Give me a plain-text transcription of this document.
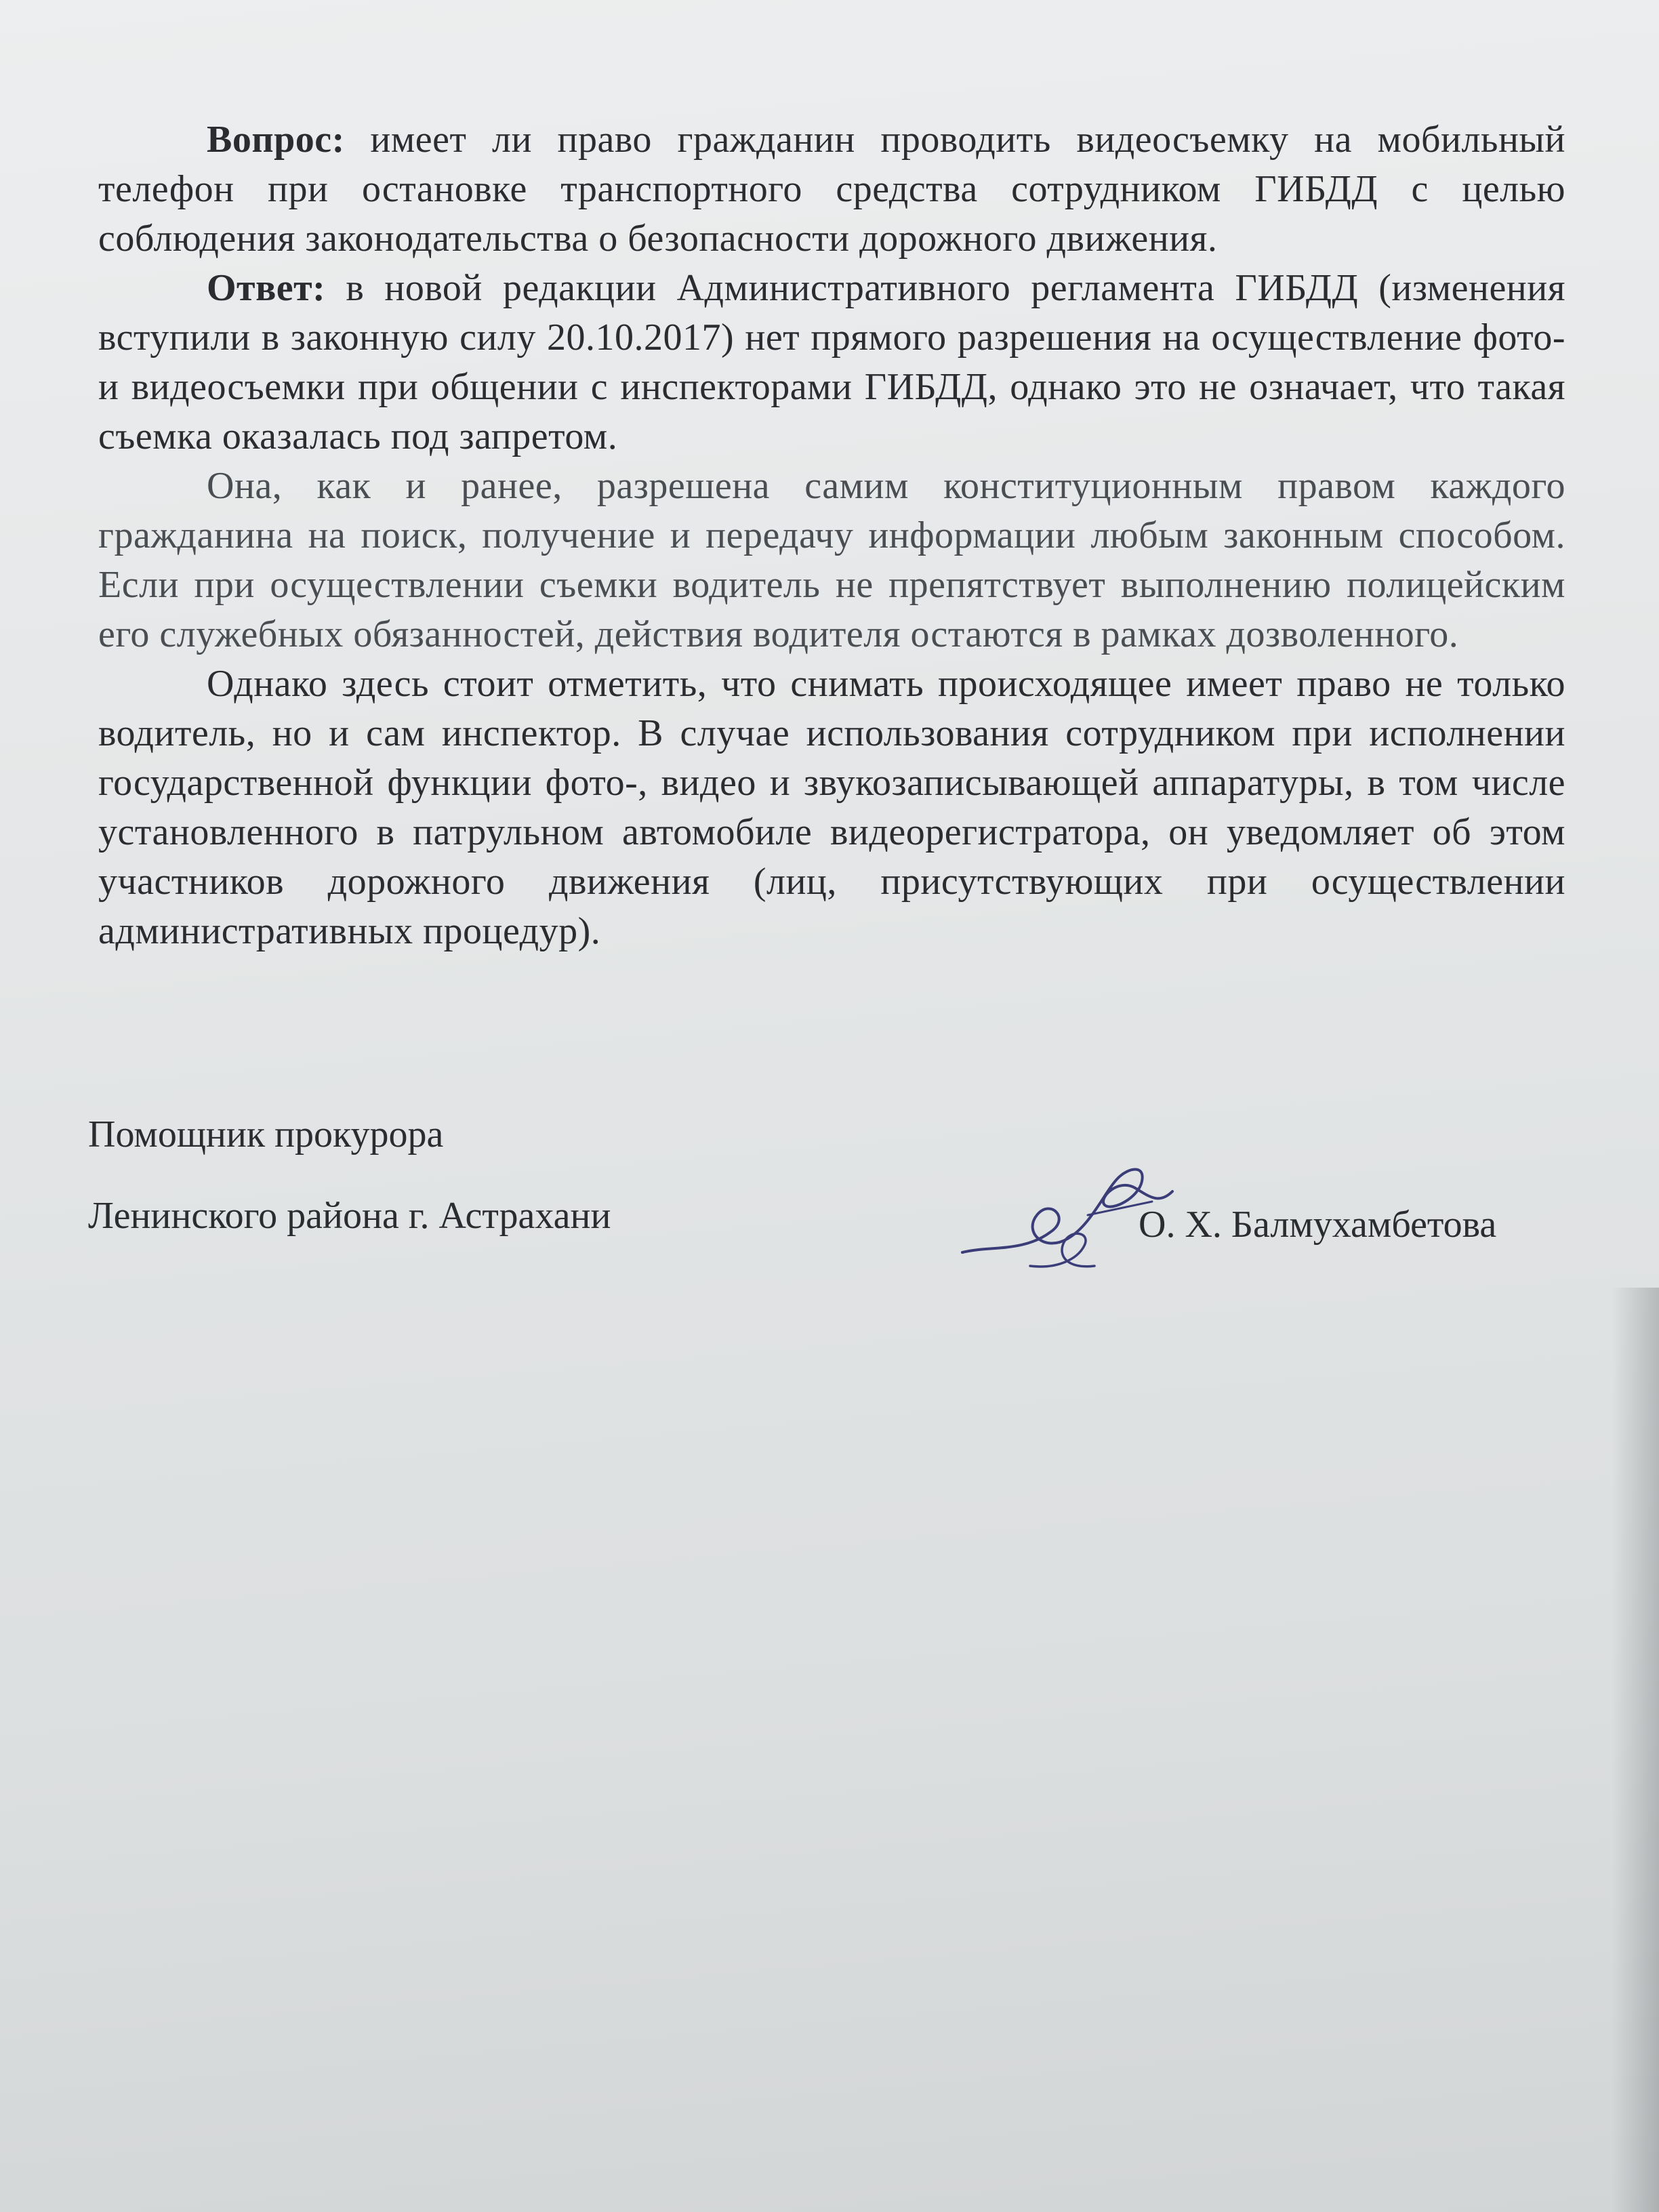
Вопрос: имеет ли право гражданин проводить видеосъемку на мобильный телефон при остановке транспортного средства сотрудником ГИБДД с целью соблюдения законодательства о безопасности дорожного движения.

Ответ: в новой редакции Административного регламента ГИБДД (изменения вступили в законную силу 20.10.2017) нет прямого разрешения на осуществление фото- и видеосъемки при общении с инспекторами ГИБДД, однако это не означает, что такая съемка оказалась под запретом.

Она, как и ранее, разрешена самим конституционным правом каждого гражданина на поиск, получение и передачу информации любым законным способом. Если при осуществлении съемки водитель не препятствует выполнению полицейским его служебных обязанностей, действия водителя остаются в рамках дозволенного.

Однако здесь стоит отметить, что снимать происходящее имеет право не только водитель, но и сам инспектор. В случае использования сотрудником при исполнении государственной функции фото-, видео и звукозаписывающей аппаратуры, в том числе установленного в патрульном автомобиле видеорегистратора, он уведомляет об этом участников дорожного движения (лиц, присутствующих при осуществлении административных процедур).

Помощник прокурора
Ленинского района г. Астрахани	О. Х. Балмухамбетова
